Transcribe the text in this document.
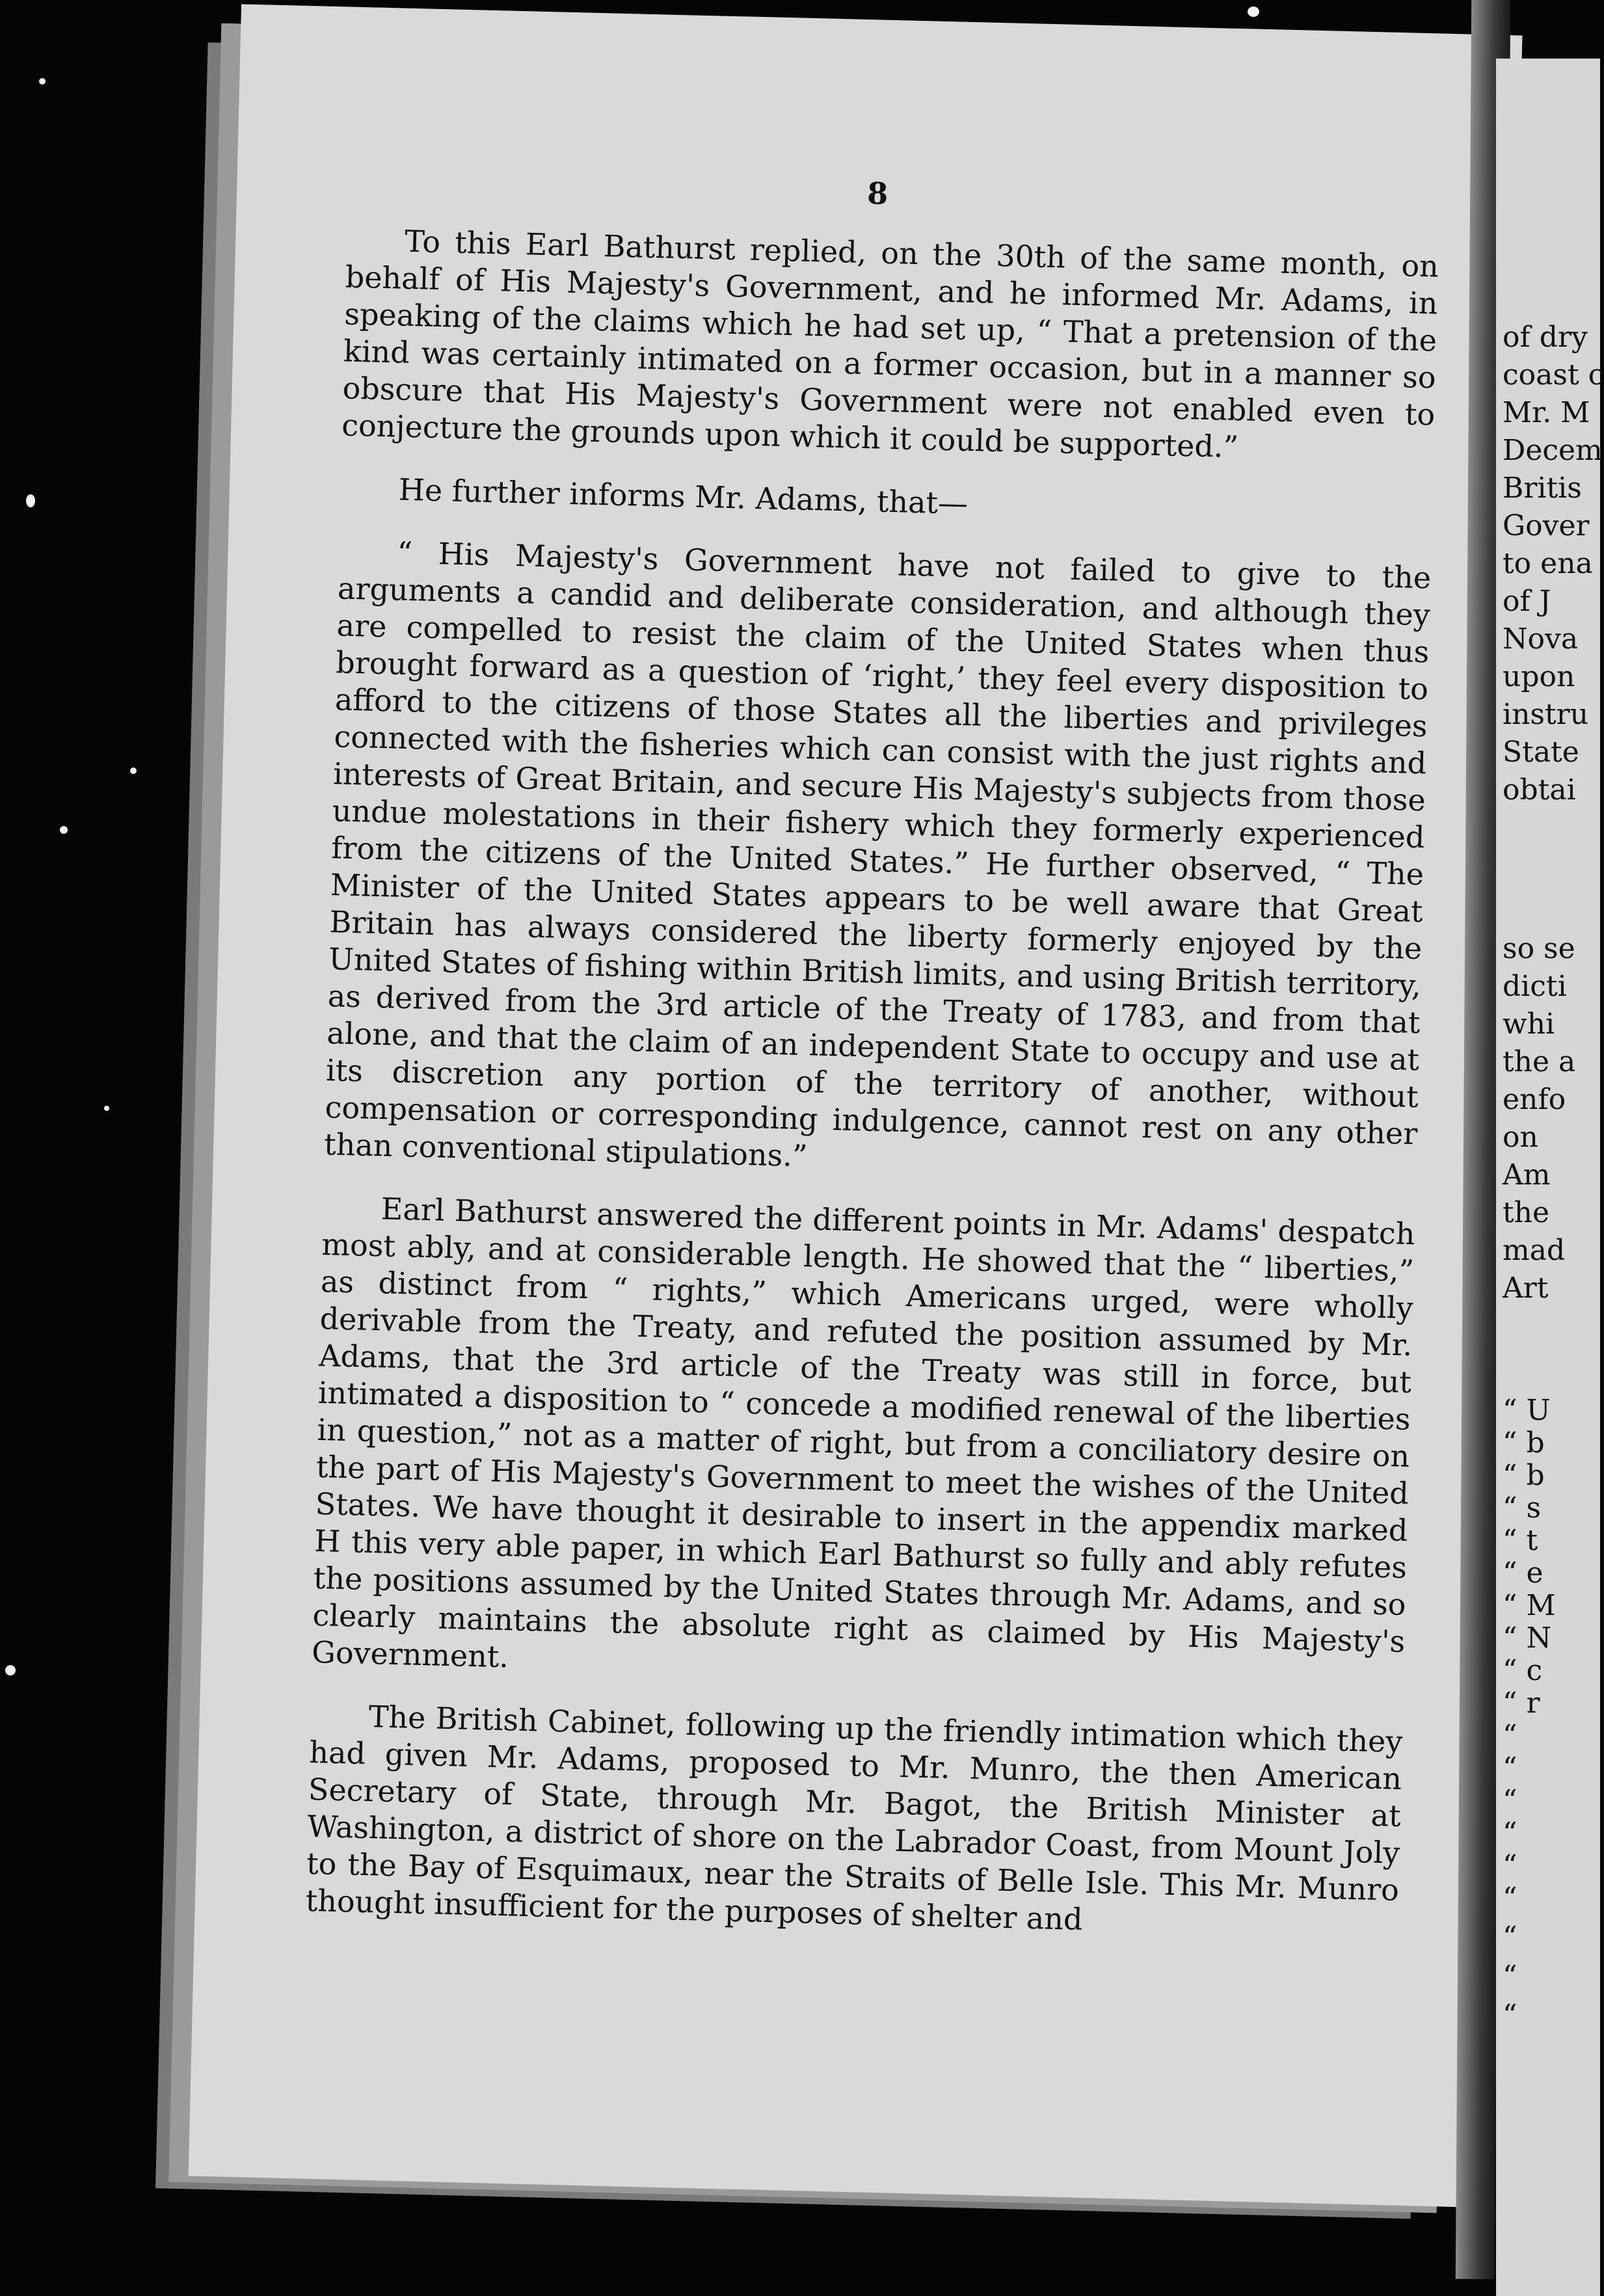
8

To this Earl Bathurst replied, on the 30th of the same month, on behalf of His Majesty's Government, and he informed Mr. Adams, in speaking of the claims which he had set up, “ That a pretension of the kind was certainly intimated on a former occasion, but in a manner so obscure that His Majesty's Government were not enabled even to conjecture the grounds upon which it could be supported.”

He further informs Mr. Adams, that—

“ His Majesty's Government have not failed to give to the arguments a candid and deliberate consideration, and although they are compelled to resist the claim of the United States when thus brought forward as a question of ‘right,’ they feel every disposition to afford to the citizens of those States all the liberties and privileges connected with the fisheries which can consist with the just rights and interests of Great Britain, and secure His Majesty's subjects from those undue molestations in their fishery which they formerly experienced from the citizens of the United States.” He further observed, “ The Minister of the United States appears to be well aware that Great Britain has always considered the liberty formerly enjoyed by the United States of fishing within British limits, and using British territory, as derived from the 3rd article of the Treaty of 1783, and from that alone, and that the claim of an independent State to occupy and use at its discretion any portion of the territory of another, without compensation or corresponding indulgence, cannot rest on any other than conventional stipulations.”

Earl Bathurst answered the different points in Mr. Adams' despatch most ably, and at considerable length. He showed that the “ liberties,” as distinct from “ rights,” which Americans urged, were wholly derivable from the Treaty, and refuted the position assumed by Mr. Adams, that the 3rd article of the Treaty was still in force, but intimated a disposition to “ concede a modified renewal of the liberties in question,” not as a matter of right, but from a conciliatory desire on the part of His Majesty's Government to meet the wishes of the United States. We have thought it desirable to insert in the appendix marked H this very able paper, in which Earl Bathurst so fully and ably refutes the positions assumed by the United States through Mr. Adams, and so clearly maintains the absolute right as claimed by His Majesty's Government.

The British Cabinet, following up the friendly intimation which they had given Mr. Adams, proposed to Mr. Munro, the then American Secretary of State, through Mr. Bagot, the British Minister at Washington, a district of shore on the Labrador Coast, from Mount Joly to the Bay of Esquimaux, near the Straits of Belle Isle. This Mr. Munro thought insufficient for the purposes of shelter and

of dry
coast c
Mr. M
Decem
Britis
Gover
to ena
of J
Nova
upon
instru
State
obtai
so se
dicti
whi
the a
enfo
on
Am
the
mad
Art
“ U
“ b
“ b
“ s
“ t
“ e
“ M
“ N
“ c
“ r
“
“
“
“
“
“
“
“
“
